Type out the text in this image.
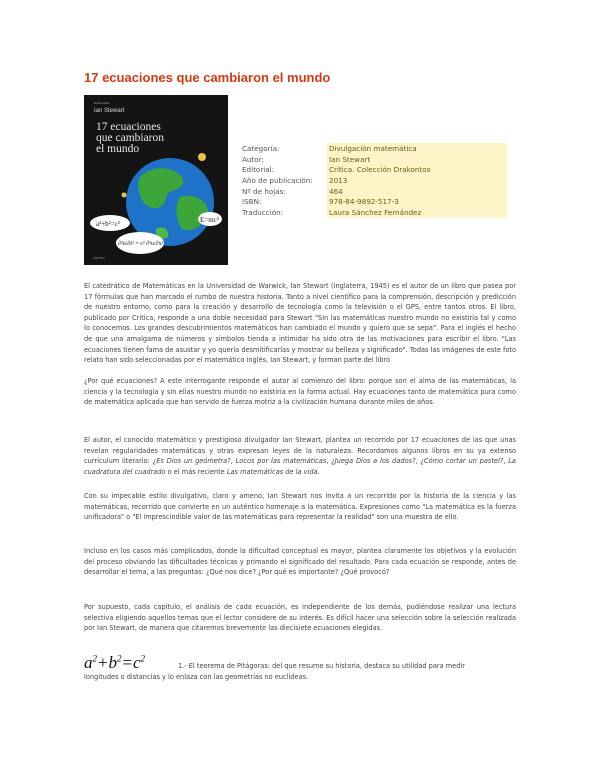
17 ecuaciones que cambiaron el mundo
a²+b²=c²	E=mc²
∂²u/∂t² = c² ∂²u/∂x²
Drakontos
Ian Stewart
17 ecuaciones
que cambiaron
el mundo
CRÍTICA
Categoría:	Divulgación matemática
Autor:	Ian Stewart
Editorial:	Crítica. Colección Drakontos
Año de publicación:	2013
Nº de hojas:	464
ISBN:	978-84-9892-517-3
Traducción:	Laura Sánchez Fernández

El catedrático de Matemáticas en la Universidad de Warwick, Ian Stewart (Inglaterra, 1945) es el autor de un libro que pasea por 17 fórmulas que han marcado el rumbo de nuestra historia. Tanto a nivel científico para la comprensión, descripción y predicción de nuestro entorno, como para la creación y desarrollo de tecnología como la televisión o el GPS, entre tantos otros. El libro, publicado por Crítica, responde a una doble necesidad para Stewart "Sin las matemáticas nuestro mundo no existiría tal y como lo conocemos. Los grandes descubrimientos matemáticos han cambiado el mundo y quiero que se sepa". Para el inglés el hecho de que una amalgama de números y símbolos tienda a intimidar ha sido otra de las motivaciones para escribir el libro. "Las ecuaciones tienen fama de asustar y yo quería desmitificarlas y mostrar su belleza y significado". Todas las imágenes de este foto relato han sido seleccionadas por el matemático inglés, Ian Stewart, y forman parte del libro

¿Por qué ecuaciones? A este interrogante responde el autor al comienzo del libro: porque son el alma de las matemáticas, la ciencia y la tecnología y sin ellas nuestro mundo no existiría en la forma actual. Hay ecuaciones tanto de matemática pura como de matemática aplicada que han servido de fuerza motriz a la civilización humana durante miles de años.

El autor, el conocido matemático y prestigioso divulgador Ian Stewart, plantea un recorrido por 17 ecuaciones de las que unas revelan regularidades matemáticas y otras expresan leyes de la naturaleza. Recordamos algunos libros en su ya extenso currículum literario: ¿Es Dios un geómetra?, Locos por las matemáticas, ¿Juega Dios a los dados?, ¿Cómo cortar un pastel?, La cuadratura del cuadrado o el más reciente Las matemáticas de la vida.

Con su impecable estilo divulgativo, claro y ameno, Ian Stewart nos invita a un recorrido por la historia de la ciencia y las matemáticas, recorrido que convierte en un auténtico homenaje a la matemática. Expresiones como "La matemática es la fuerza unificadora" o "El imprescindible valor de las matemáticas para representar la realidad" son una muestra de ello.

Incluso en los casos más complicados, donde la dificultad conceptual es mayor, plantea claramente los objetivos y la evolución del proceso obviando las dificultades técnicas y primando el significado del resultado. Para cada ecuación se responde, antes de desarrollar el tema, a las preguntas: ¿Qué nos dice? ¿Por qué es importante? ¿Qué provocó?

Por supuesto, cada capítulo, el análisis de cada ecuación, es independiente de los demás, pudiéndose realizar una lectura selectiva eligiendo aquellos temas que el lector considere de su interés. Es difícil hacer una selección sobre la selección realizada por Ian Stewart, de manera que citaremos brevemente las diecisiete ecuaciones elegidas.

$a^2+b^2=c^2$
1.- El teorema de Pitágoras: del que resume su historia, destaca su utilidad para medir
longitudes o distancias y lo enlaza con las geometrías no euclídeas.
